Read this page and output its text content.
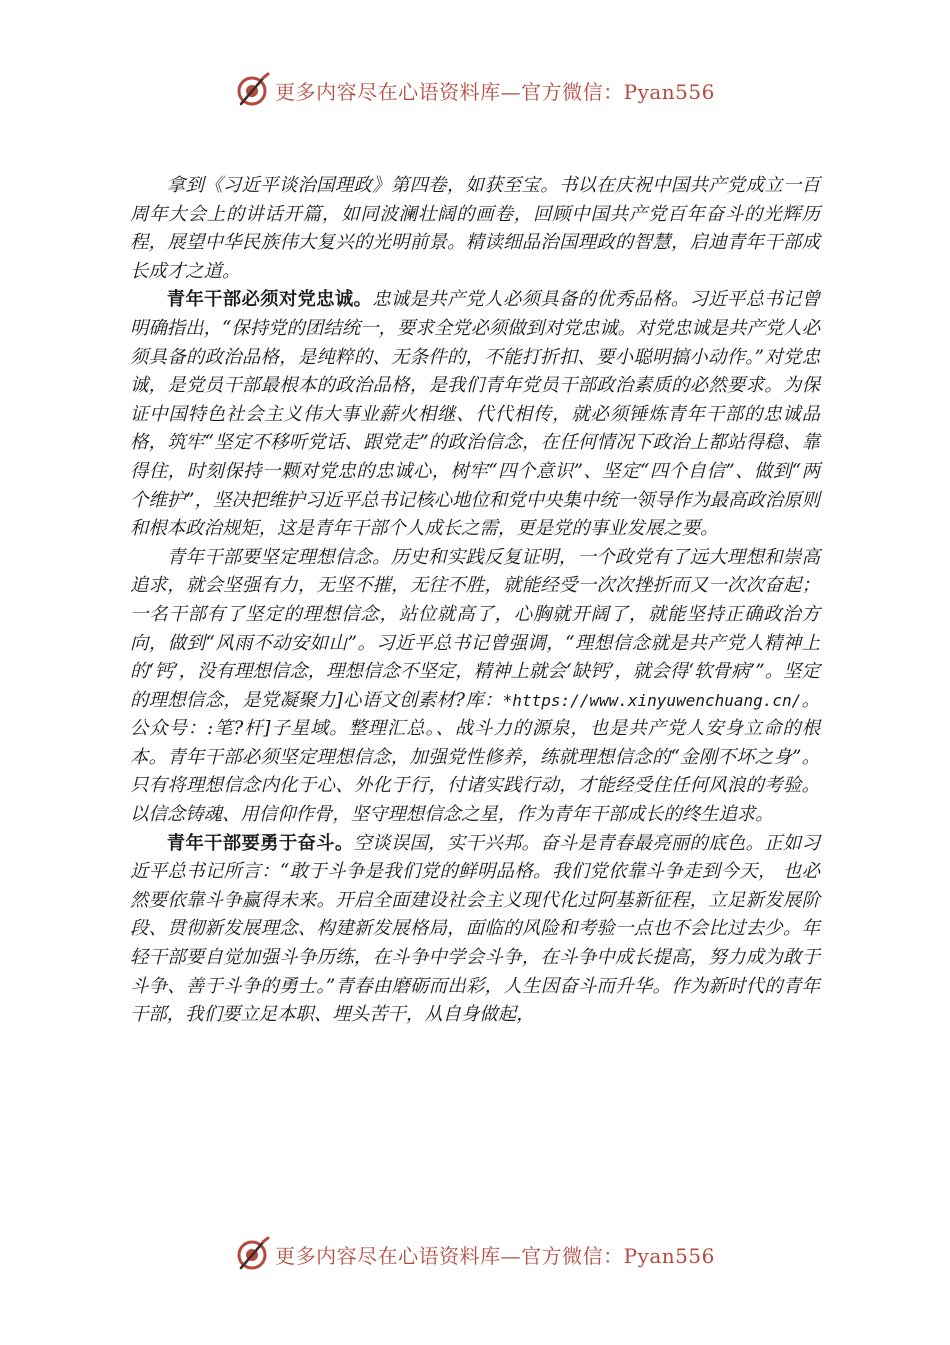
更多内容尽在心语资料库—官方微信：Pyan556

拿到《习近平谈治国理政》第四卷，如获至宝。书以在庆祝中国共产党成立一百周年大会上的讲话开篇，如同波澜壮阔的画卷，回顾中国共产党百年奋斗的光辉历程，展望中华民族伟大复兴的光明前景。精读细品治国理政的智慧，启迪青年干部成长成才之道。

青年干部必须对党忠诚。忠诚是共产党人必须具备的优秀品格。习近平总书记曾明确指出，“保持党的团结统一，要求全党必须做到对党忠诚。对党忠诚是共产党人必须具备的政治品格，是纯粹的、无条件的，不能打折扣、要小聪明搞小动作。”对党忠诚，是党员干部最根本的政治品格，是我们青年党员干部政治素质的必然要求。为保证中国特色社会主义伟大事业薪火相继、代代相传，就必须锤炼青年干部的忠诚品格，筑牢“坚定不移听党话、跟党走”的政治信念，在任何情况下政治上都站得稳、靠得住，时刻保持一颗对党忠的忠诚心，树牢“四个意识”、坚定“四个自信”、做到“两个维护”，坚决把维护习近平总书记核心地位和党中央集中统一领导作为最高政治原则和根本政治规矩，这是青年干部个人成长之需，更是党的事业发展之要。

青年干部要坚定理想信念。历史和实践反复证明，一个政党有了远大理想和崇高追求，就会坚强有力，无坚不摧，无往不胜，就能经受一次次挫折而又一次次奋起；一名干部有了坚定的理想信念，站位就高了，心胸就开阔了，就能坚持正确政治方向，做到“风雨不动安如山”。习近平总书记曾强调，“理想信念就是共产党人精神上的‘钙’，没有理想信念，理想信念不坚定，精神上就会‘缺钙’，就会得‘软骨病’”。坚定的理想信念，是党凝聚力]心语文创素材?库：*https://www.xinyuwenchuang.cn/。公众号：:笔?杆]子星域。整理汇总。、战斗力的源泉，也是共产党人安身立命的根本。青年干部必须坚定理想信念，加强党性修养，练就理想信念的“金刚不坏之身”。只有将理想信念内化于心、外化于行，付诸实践行动，才能经受住任何风浪的考验。以信念铸魂、用信仰作骨，坚守理想信念之星，作为青年干部成长的终生追求。

青年干部要勇于奋斗。空谈误国，实干兴邦。奋斗是青春最亮丽的底色。正如习近平总书记所言：“敢于斗争是我们党的鲜明品格。我们党依靠斗争走到今天， 也必然要依靠斗争赢得未来。开启全面建设社会主义现代化过阿基新征程，立足新发展阶段、贯彻新发展理念、构建新发展格局，面临的风险和考验一点也不会比过去少。年轻干部要自觉加强斗争历练，在斗争中学会斗争，在斗争中成长提高，努力成为敢于斗争、善于斗争的勇士。”青春由磨砺而出彩，人生因奋斗而升华。作为新时代的青年干部，我们要立足本职、埋头苦干，从自身做起，

更多内容尽在心语资料库—官方微信：Pyan556
